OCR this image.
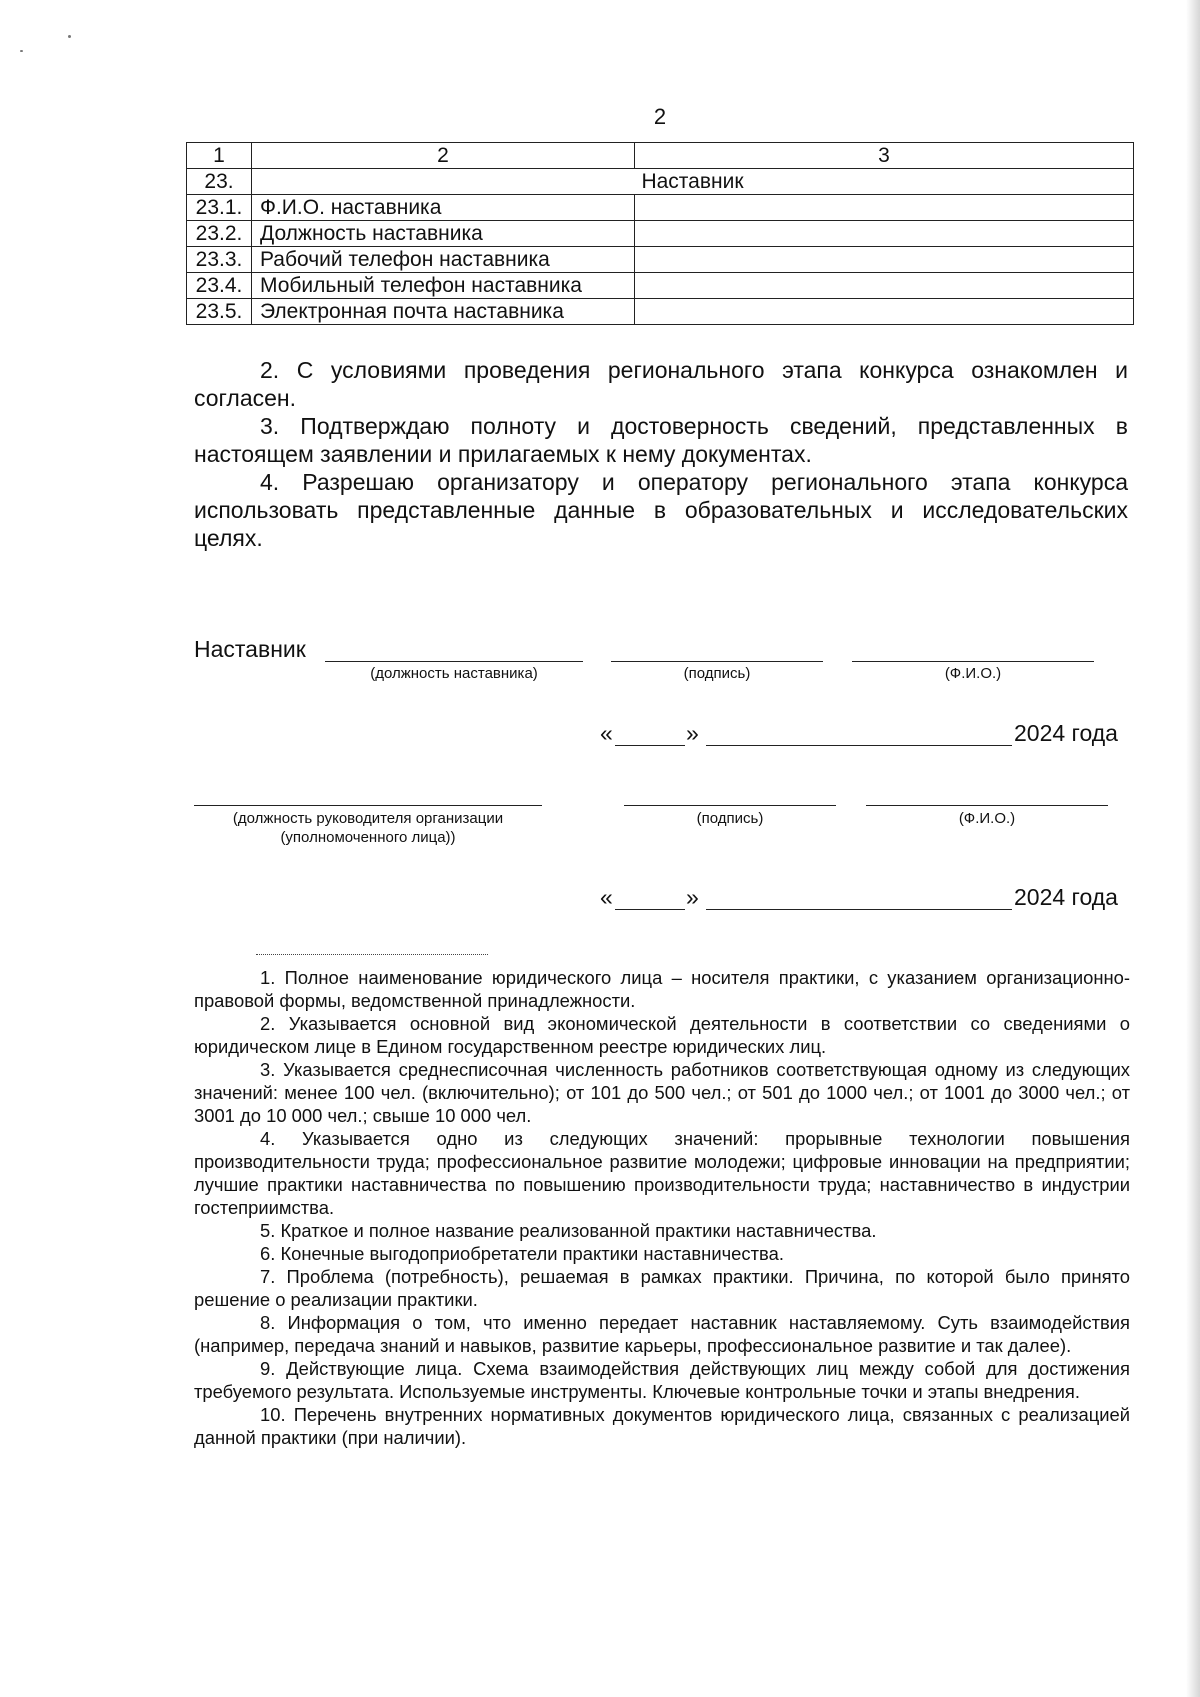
2
1	2	3
23.	Наставник	
23.1.	Ф.И.О. наставника	
23.2.	Должность наставника	
23.3.	Рабочий телефон наставника	
23.4.	Мобильный телефон наставника	
23.5.	Электронная почта наставника	
2. С условиями проведения регионального этапа конкурса ознакомлен и согласен.
3. Подтверждаю полноту и достоверность сведений, представленных в настоящем заявлении и прилагаемых к нему документах.
4. Разрешаю организатору и оператору регионального этапа конкурса использовать представленные данные в образовательных и исследовательских целях.
Наставник
(должность наставника)	(подпись)	(Ф.И.О.)
«	»	2024 года
(должность руководителя организации
(уполномоченного лица))
(подпись)	(Ф.И.О.)
«	»	2024 года

1. Полное наименование юридического лица – носителя практики, с указанием организационно-правовой формы, ведомственной принадлежности.

2. Указывается основной вид экономической деятельности в соответствии со сведениями о юридическом лице в Едином государственном реестре юридических лиц.

3. Указывается среднесписочная численность работников соответствующая одному из следующих значений: менее 100 чел. (включительно); от 101 до 500 чел.; от 501 до 1000 чел.; от 1001 до 3000 чел.; от 3001 до 10 000 чел.; свыше 10 000 чел.

4. Указывается одно из следующих значений: прорывные технологии повышения производительности труда; профессиональное развитие молодежи; цифровые инновации на предприятии; лучшие практики наставничества по повышению производительности труда; наставничество в индустрии гостеприимства.

5. Краткое и полное название реализованной практики наставничества.

6. Конечные выгодоприобретатели практики наставничества.

7. Проблема (потребность), решаемая в рамках практики. Причина, по которой было принято решение о реализации практики.

8. Информация о том, что именно передает наставник наставляемому. Суть взаимодействия (например, передача знаний и навыков, развитие карьеры, профессиональное развитие и так далее).

9. Действующие лица. Схема взаимодействия действующих лиц между собой для достижения требуемого результата. Используемые инструменты. Ключевые контрольные точки и этапы внедрения.

10. Перечень внутренних нормативных документов юридического лица, связанных с реализацией данной практики (при наличии).
